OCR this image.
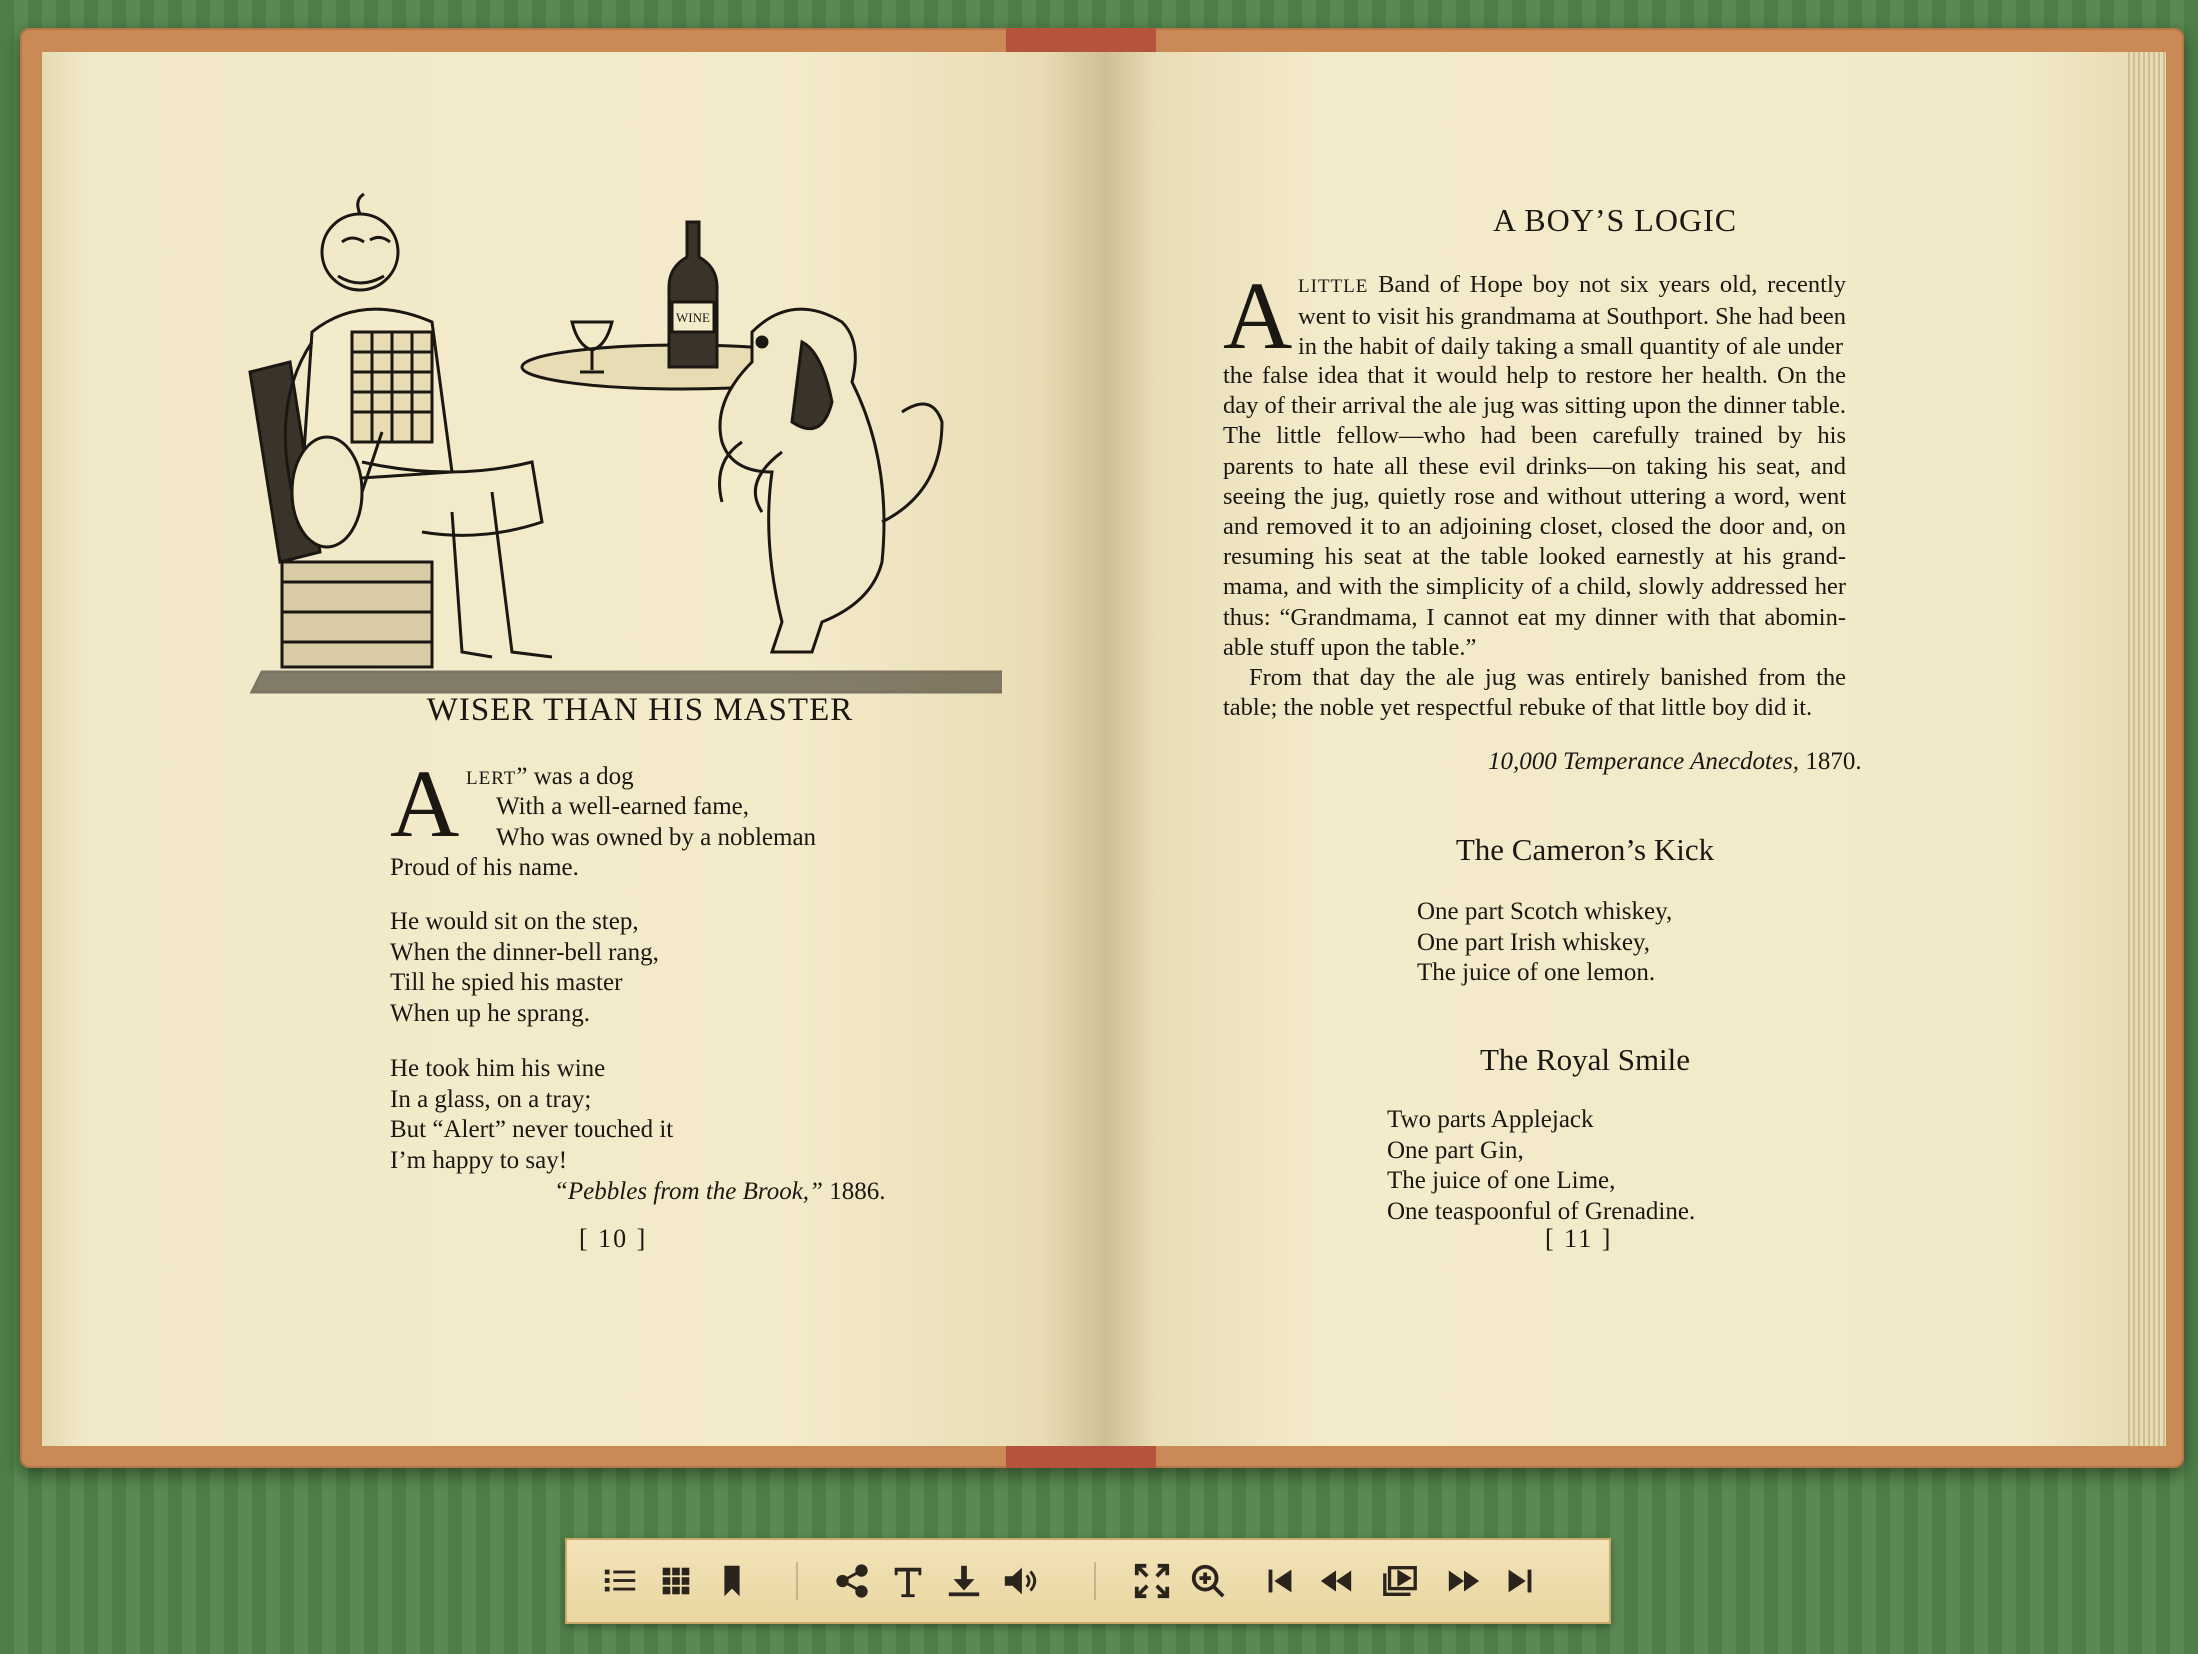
WINE
WISER THAN HIS MASTER
A LERT” was a dog
With a well-earned fame,
Who was owned by a nobleman
Proud of his name.
He would sit on the step,
When the dinner-bell rang,
Till he spied his master
When up he sprang.
He took him his wine
In a glass, on a tray;
But “Alert” never touched it
I’m happy to say!
“Pebbles from the Brook,” 1886.
[ 10 ]
A BOY’S LOGIC
A LITTLE Band of Hope boy not six years old, recently went to visit his grandmama at Southport. She had been in the habit of daily taking a small quantity of ale under

the false idea that it would help to restore her health. On the day of their arrival the ale jug was sitting upon the dinner table. The little fellow—who had been carefully trained by his parents to hate all these evil drinks—on taking his seat, and seeing the jug, quietly rose and without uttering a word, went and removed it to an adjoining closet, closed the door and, on resuming his seat at the table looked earnestly at his grand-mama, and with the simplicity of a child, slowly addressed her thus: “Grandmama, I cannot eat my dinner with that abomin-able stuff upon the table.”

From that day the ale jug was entirely banished from the table; the noble yet respectful rebuke of that little boy did it.

10,000 Temperance Anecdotes, 1870.
The Cameron’s Kick
One part Scotch whiskey,
One part Irish whiskey,
The juice of one lemon.
The Royal Smile
Two parts Applejack
One part Gin,
The juice of one Lime,
One teaspoonful of Grenadine.
[ 11 ]
